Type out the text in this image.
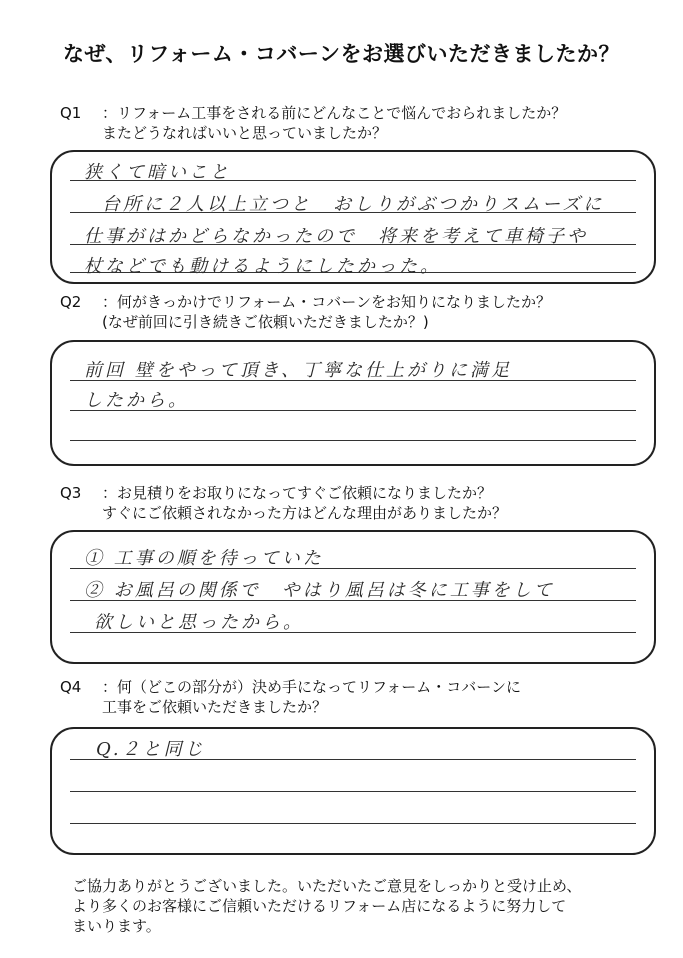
なぜ、リフォーム・コバーンをお選びいただきましたか？
Q1 ：リフォーム工事をされる前にどんなことで悩んでおられましたか？
またどうなればいいと思っていましたか？
狭くて暗いこと
台所に２人以上立つと　おしりがぶつかりスムーズに
仕事がはかどらなかったので　将来を考えて車椅子や
杖などでも動けるようにしたかった。
Q2 ：何がきっかけでリフォーム・コバーンをお知りになりましたか？
(なぜ前回に引き続きご依頼いただきましたか？)
前回 壁をやって頂き、丁寧な仕上がりに満足
したから。
Q3 ：お見積りをお取りになってすぐご依頼になりましたか？
すぐにご依頼されなかった方はどんな理由がありましたか？
① 工事の順を待っていた
② お風呂の関係で　やはり風呂は冬に工事をして
欲しいと思ったから。
Q4 ：何（どこの部分が）決め手になってリフォーム・コバーンに
工事をご依頼いただきましたか？
Q.２と同じ
ご協力ありがとうございました。いただいたご意見をしっかりと受け止め、
より多くのお客様にご信頼いただけるリフォーム店になるように努力して
まいります。
